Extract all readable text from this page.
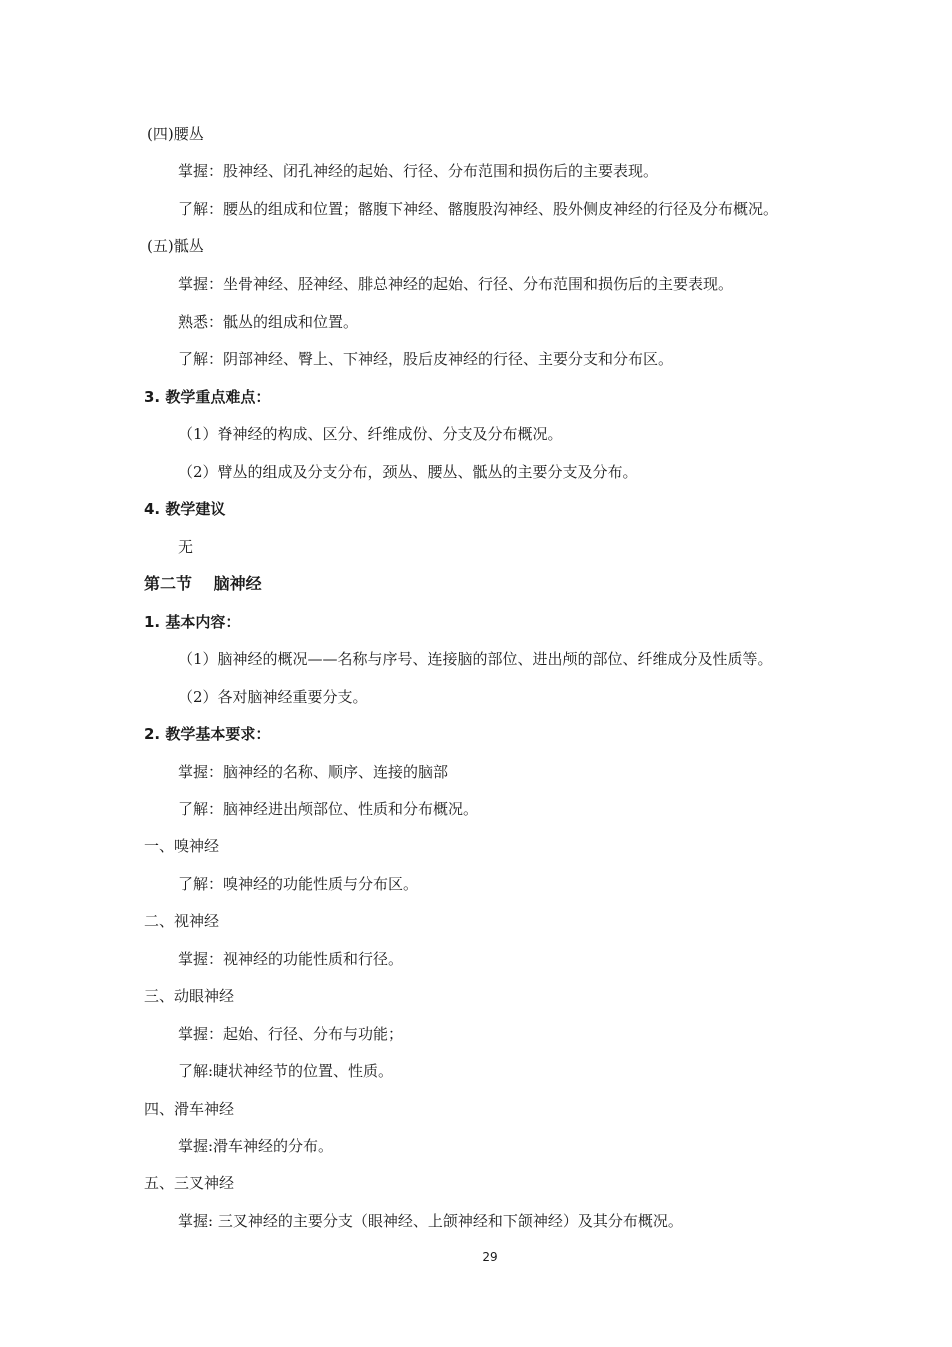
(四)腰丛
掌握：股神经、闭孔神经的起始、行径、分布范围和损伤后的主要表现。
了解：腰丛的组成和位置；髂腹下神经、髂腹股沟神经、股外侧皮神经的行径及分布概况。
(五)骶丛
掌握：坐骨神经、胫神经、腓总神经的起始、行径、分布范围和损伤后的主要表现。
熟悉：骶丛的组成和位置。
了解：阴部神经、臀上、下神经，股后皮神经的行径、主要分支和分布区。
3. 教学重点难点：
（1）脊神经的构成、区分、纤维成份、分支及分布概况。
（2）臂丛的组成及分支分布，颈丛、腰丛、骶丛的主要分支及分布。
4. 教学建议
无
第二节　 脑神经
1. 基本内容：
（1）脑神经的概况——名称与序号、连接脑的部位、进出颅的部位、纤维成分及性质等。
（2）各对脑神经重要分支。
2. 教学基本要求：
掌握：脑神经的名称、顺序、连接的脑部
了解：脑神经进出颅部位、性质和分布概况。
一、嗅神经
了解：嗅神经的功能性质与分布区。
二、视神经
掌握：视神经的功能性质和行径。
三、动眼神经
掌握：起始、行径、分布与功能；
了解:睫状神经节的位置、性质。
四、滑车神经
掌握:滑车神经的分布。
五、三叉神经
掌握: 三叉神经的主要分支（眼神经、上颌神经和下颌神经）及其分布概况。
29
